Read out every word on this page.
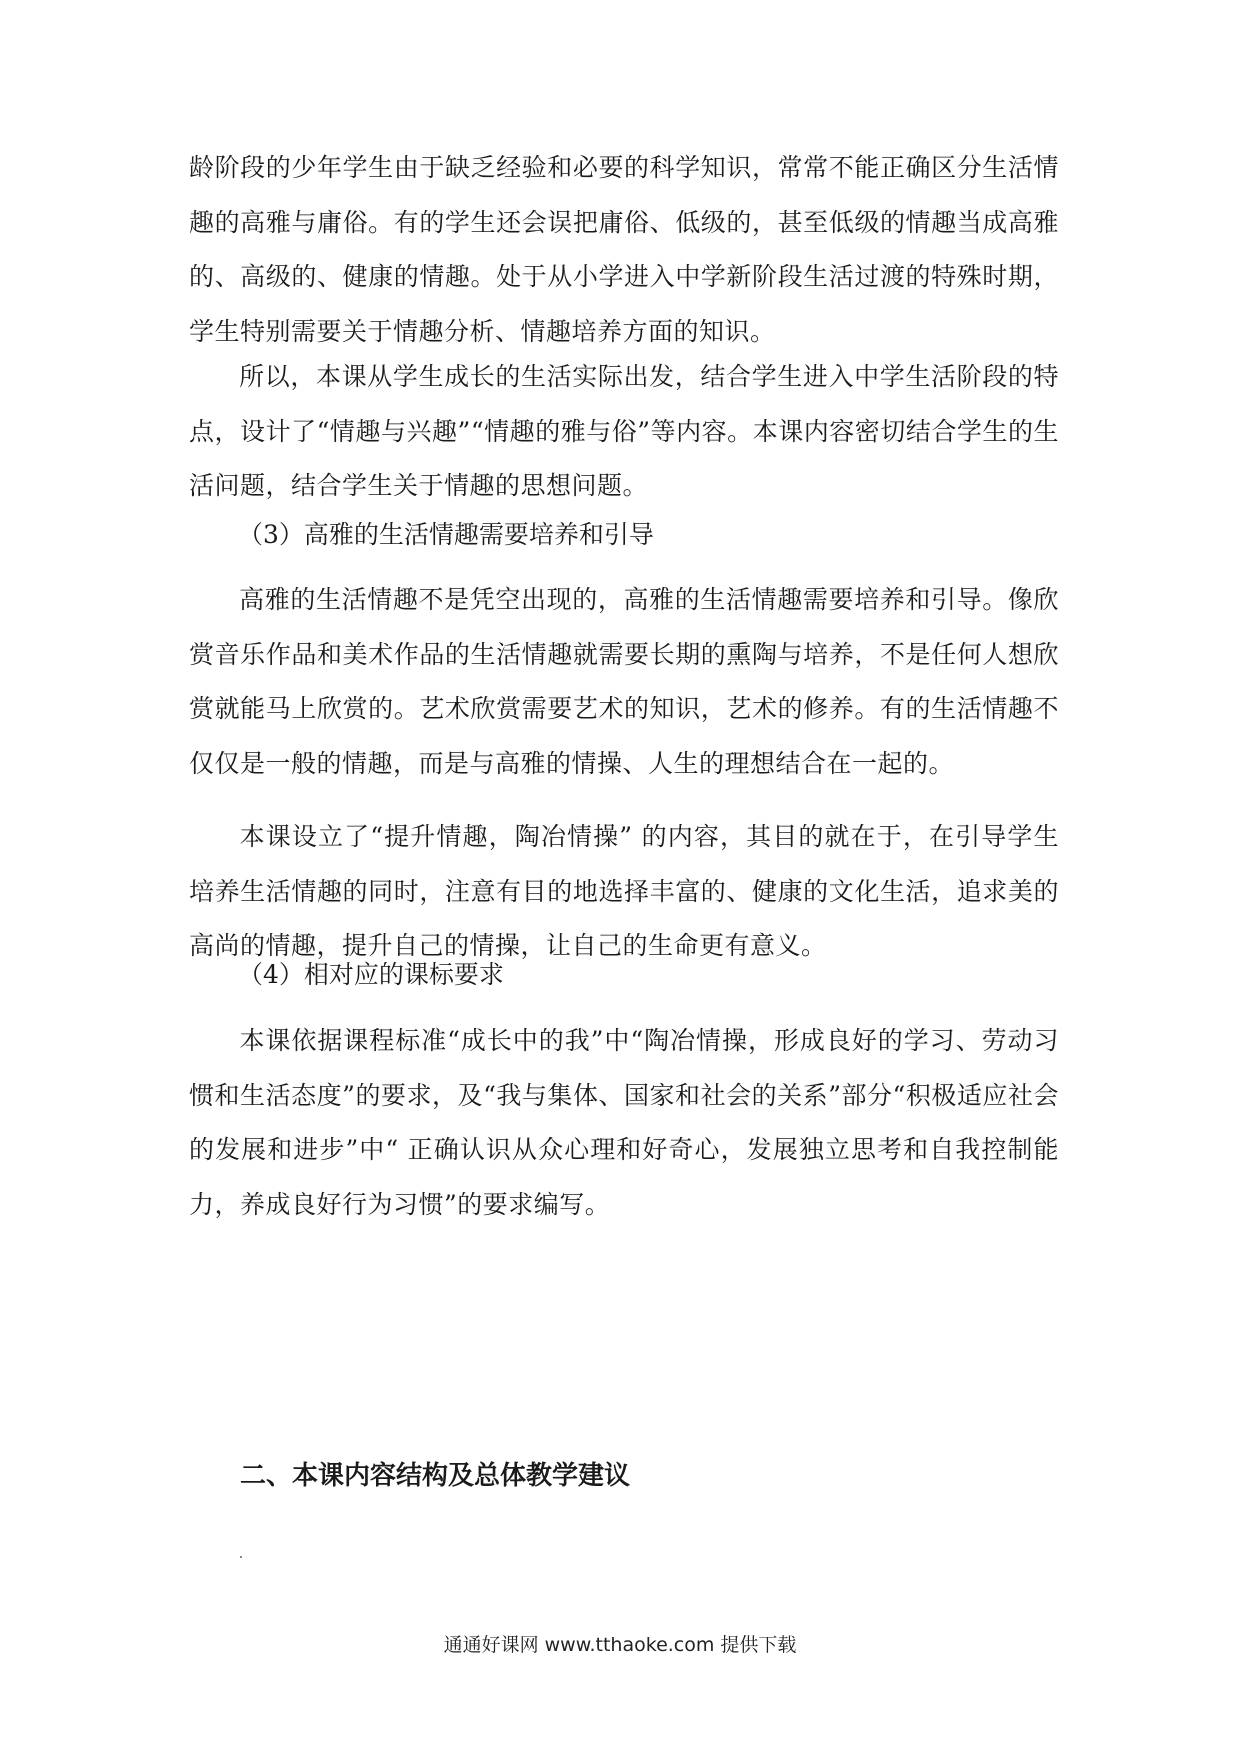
龄阶段的少年学生由于缺乏经验和必要的科学知识，常常不能正确区分生活情趣的高雅与庸俗。有的学生还会误把庸俗、低级的，甚至低级的情趣当成高雅的、高级的、健康的情趣。处于从小学进入中学新阶段生活过渡的特殊时期，学生特别需要关于情趣分析、情趣培养方面的知识。

所以，本课从学生成长的生活实际出发，结合学生进入中学生活阶段的特点，设计了“情趣与兴趣”“情趣的雅与俗”等内容。本课内容密切结合学生的生活问题，结合学生关于情趣的思想问题。

（3）高雅的生活情趣需要培养和引导

高雅的生活情趣不是凭空出现的，高雅的生活情趣需要培养和引导。像欣赏音乐作品和美术作品的生活情趣就需要长期的熏陶与培养，不是任何人想欣赏就能马上欣赏的。艺术欣赏需要艺术的知识，艺术的修养。有的生活情趣不仅仅是一般的情趣，而是与高雅的情操、人生的理想结合在一起的。

本课设立了“提升情趣，陶冶情操” 的内容，其目的就在于，在引导学生培养生活情趣的同时，注意有目的地选择丰富的、健康的文化生活，追求美的高尚的情趣，提升自己的情操，让自己的生命更有意义。

（4）相对应的课标要求

本课依据课程标准“成长中的我”中“陶冶情操，形成良好的学习、劳动习惯和生活态度”的要求，及“我与集体、国家和社会的关系”部分“积极适应社会的发展和进步”中“ 正确认识从众心理和好奇心，发展独立思考和自我控制能力，养成良好行为习惯”的要求编写。

二、本课内容结构及总体教学建议
通通好课网 www.tthaoke.com 提供下载
